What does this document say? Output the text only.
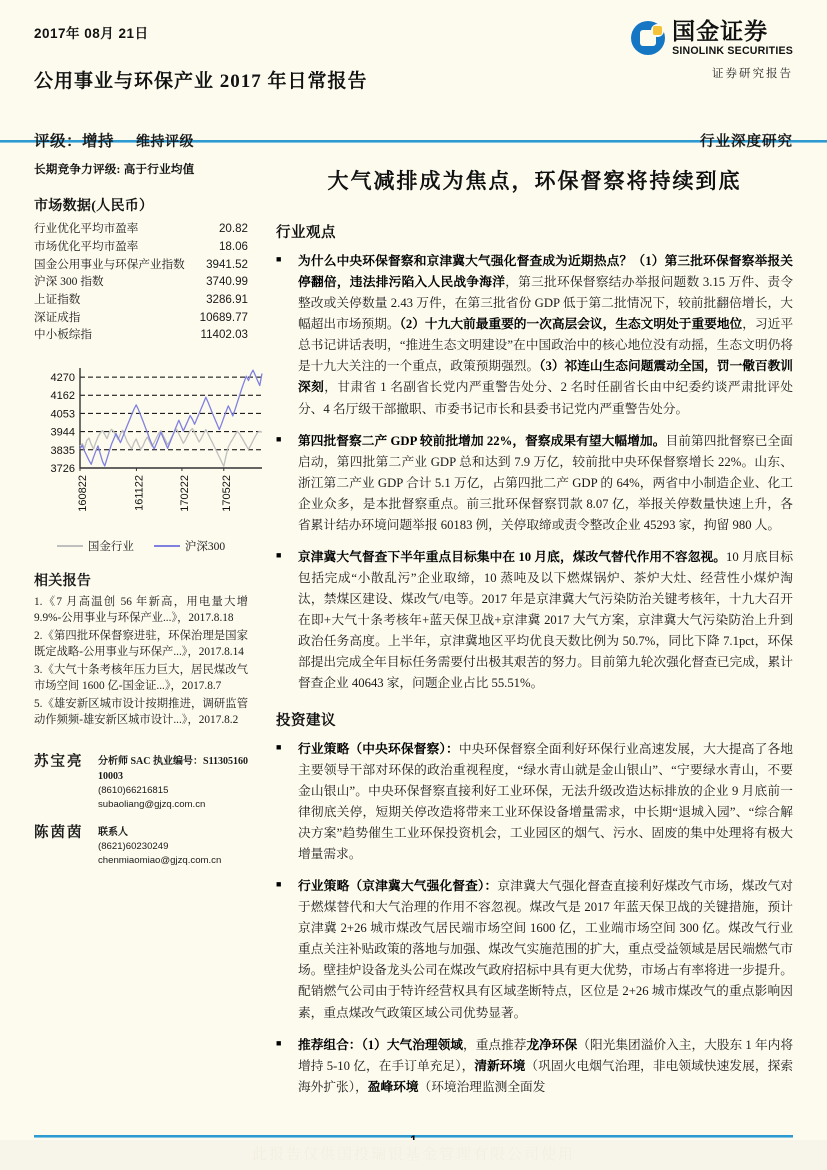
2017年 08月 21日
公用事业与环保产业 2017 年日常报告
评级：增持 维持评级	行业深度研究
国金证券
SINOLINK SECURITIES
证券研究报告
长期竞争力评级: 高于行业均值
市场数据(人民币）
行业优化平均市盈率	20.82
市场优化平均市盈率	18.06
国金公用事业与环保产业指数	3941.52
沪深 300 指数	3740.99
上证指数	3286.91
深证成指	10689.77
中小板综指	11402.03
3726
3835
3944
4053
4162
4270
160822	161122	170222	170522
国金行业	沪深300
相关报告
1.《7 月高温创 56 年新高，用电量大增 9.9%-公用事业与环保产业...》，2017.8.18
2.《第四批环保督察进驻，环保治理是国家既定战略-公用事业与环保产...》，2017.8.14
3.《大气十条考核年压力巨大，居民煤改气市场空间 1600 亿-国金证...》，2017.8.7
5.《雄安新区城市设计按期推进，调研监管动作频频-雄安新区城市设计...》，2017.8.2
苏宝亮	分析师 SAC 执业编号：S1130516010003
(8610)66216815
subaoliang@gjzq.com.cn
陈茵茵	联系人
(8621)60230249
chenmiaomiao@gjzq.com.cn
大气减排成为焦点，环保督察将持续到底
行业观点
■	为什么中央环保督察和京津冀大气强化督查成为近期热点？（1）第三批环保督察举报关停翻倍，违法排污陷入人民战争海洋，第三批环保督察结办举报问题数 3.15 万件、责令整改或关停数量 2.43 万件，在第三批省份 GDP 低于第二批情况下，较前批翻倍增长，大幅超出市场预期。（2）十九大前最重要的一次高层会议，生态文明处于重要地位，习近平总书记讲话表明，“推进生态文明建设”在中国政治中的核心地位没有动摇，生态文明仍将是十九大关注的一个重点，政策预期强烈。（3）祁连山生态问题震动全国，罚一儆百教训深刻，甘肃省 1 名副省长党内严重警告处分、2 名时任副省长由中纪委约谈严肃批评处分、4 名厅级干部撤职、市委书记市长和县委书记党内严重警告处分。
■	第四批督察二产 GDP 较前批增加 22%，督察成果有望大幅增加。目前第四批督察已全面启动，第四批第二产业 GDP 总和达到 7.9 万亿，较前批中央环保督察增长 22%。山东、浙江第二产业 GDP 合计 5.1 万亿，占第四批二产 GDP 的 64%，两省中小制造企业、化工企业众多，是本批督察重点。前三批环保督察罚款 8.07 亿，举报关停数量快速上升，各省累计结办环境问题举报 60183 例，关停取缔或责令整改企业 45293 家，拘留 980 人。
■	京津冀大气督查下半年重点目标集中在 10 月底，煤改气替代作用不容忽视。10 月底目标包括完成“小散乱污”企业取缔，10 蒸吨及以下燃煤锅炉、茶炉大灶、经营性小煤炉淘汰，禁煤区建设、煤改气/电等。2017 年是京津冀大气污染防治关键考核年，十九大召开在即+大气十条考核年+蓝天保卫战+京津冀 2017 大气方案，京津冀大气污染防治上升到政治任务高度。上半年，京津冀地区平均优良天数比例为 50.7%，同比下降 7.1pct，环保部提出完成全年目标任务需要付出极其艰苦的努力。目前第九轮次强化督查已完成，累计督查企业 40643 家，问题企业占比 55.51%。
投资建议
■	行业策略（中央环保督察）：中央环保督察全面利好环保行业高速发展，大大提高了各地主要领导干部对环保的政治重视程度，“绿水青山就是金山银山”、“宁要绿水青山，不要金山银山”。中央环保督察直接利好工业环保，无法升级改造达标排放的企业 9 月底前一律彻底关停，短期关停改造将带来工业环保设备增量需求，中长期“退城入园”、“综合解决方案”趋势催生工业环保投资机会，工业园区的烟气、污水、固废的集中处理将有极大增量需求。
■	行业策略（京津冀大气强化督查）：京津冀大气强化督查直接利好煤改气市场，煤改气对于燃煤替代和大气治理的作用不容忽视。煤改气是 2017 年蓝天保卫战的关键措施，预计京津冀 2+26 城市煤改气居民端市场空间 1600 亿，工业端市场空间 300 亿。煤改气行业重点关注补贴政策的落地与加强、煤改气实施范围的扩大，重点受益领域是居民端燃气市场。壁挂炉设备龙头公司在煤改气政府招标中具有更大优势，市场占有率将进一步提升。配销燃气公司由于特许经营权具有区域垄断特点，区位是 2+26 城市煤改气的重点影响因素，重点煤改气政策区域公司优势显著。
■	推荐组合：（1）大气治理领域，重点推荐龙净环保（阳光集团溢价入主，大股东 1 年内将增持 5-10 亿，在手订单充足），清新环境（巩固火电烟气治理，非电领域快速发展，探索海外扩张），盈峰环境（环境治理监测全面发
此报告仅供国投瑞银基金管理有限公司使用
